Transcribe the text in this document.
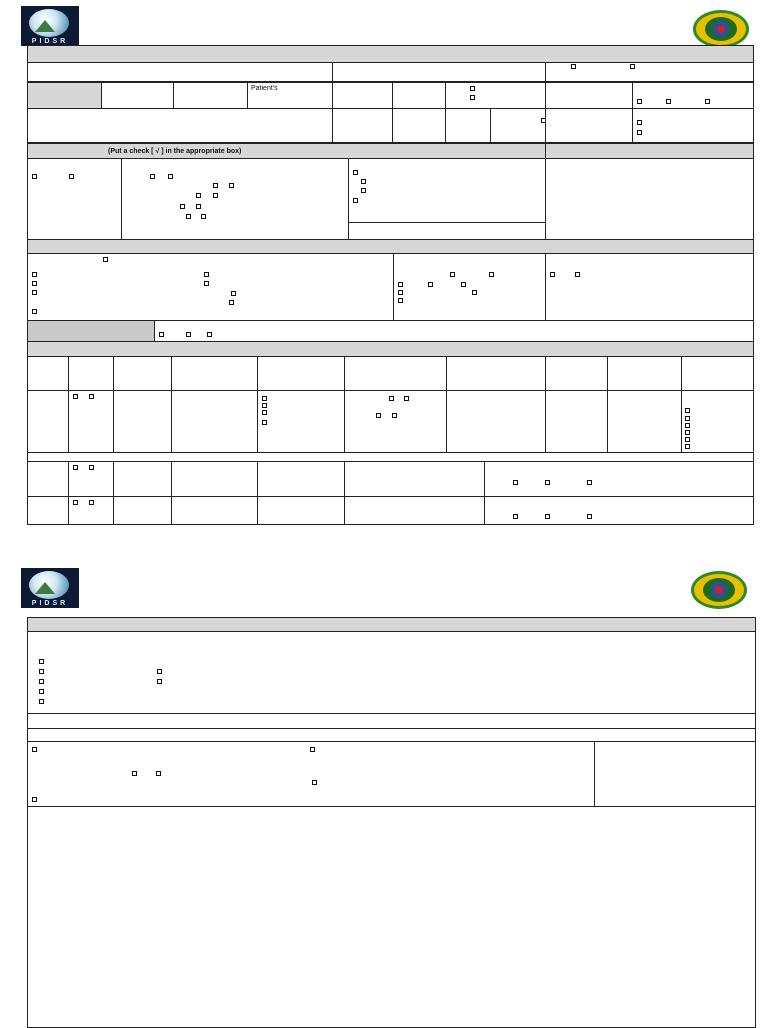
PIDSR
Patient's
(Put a check [ √ ] in the appropriate box)
PIDSR
